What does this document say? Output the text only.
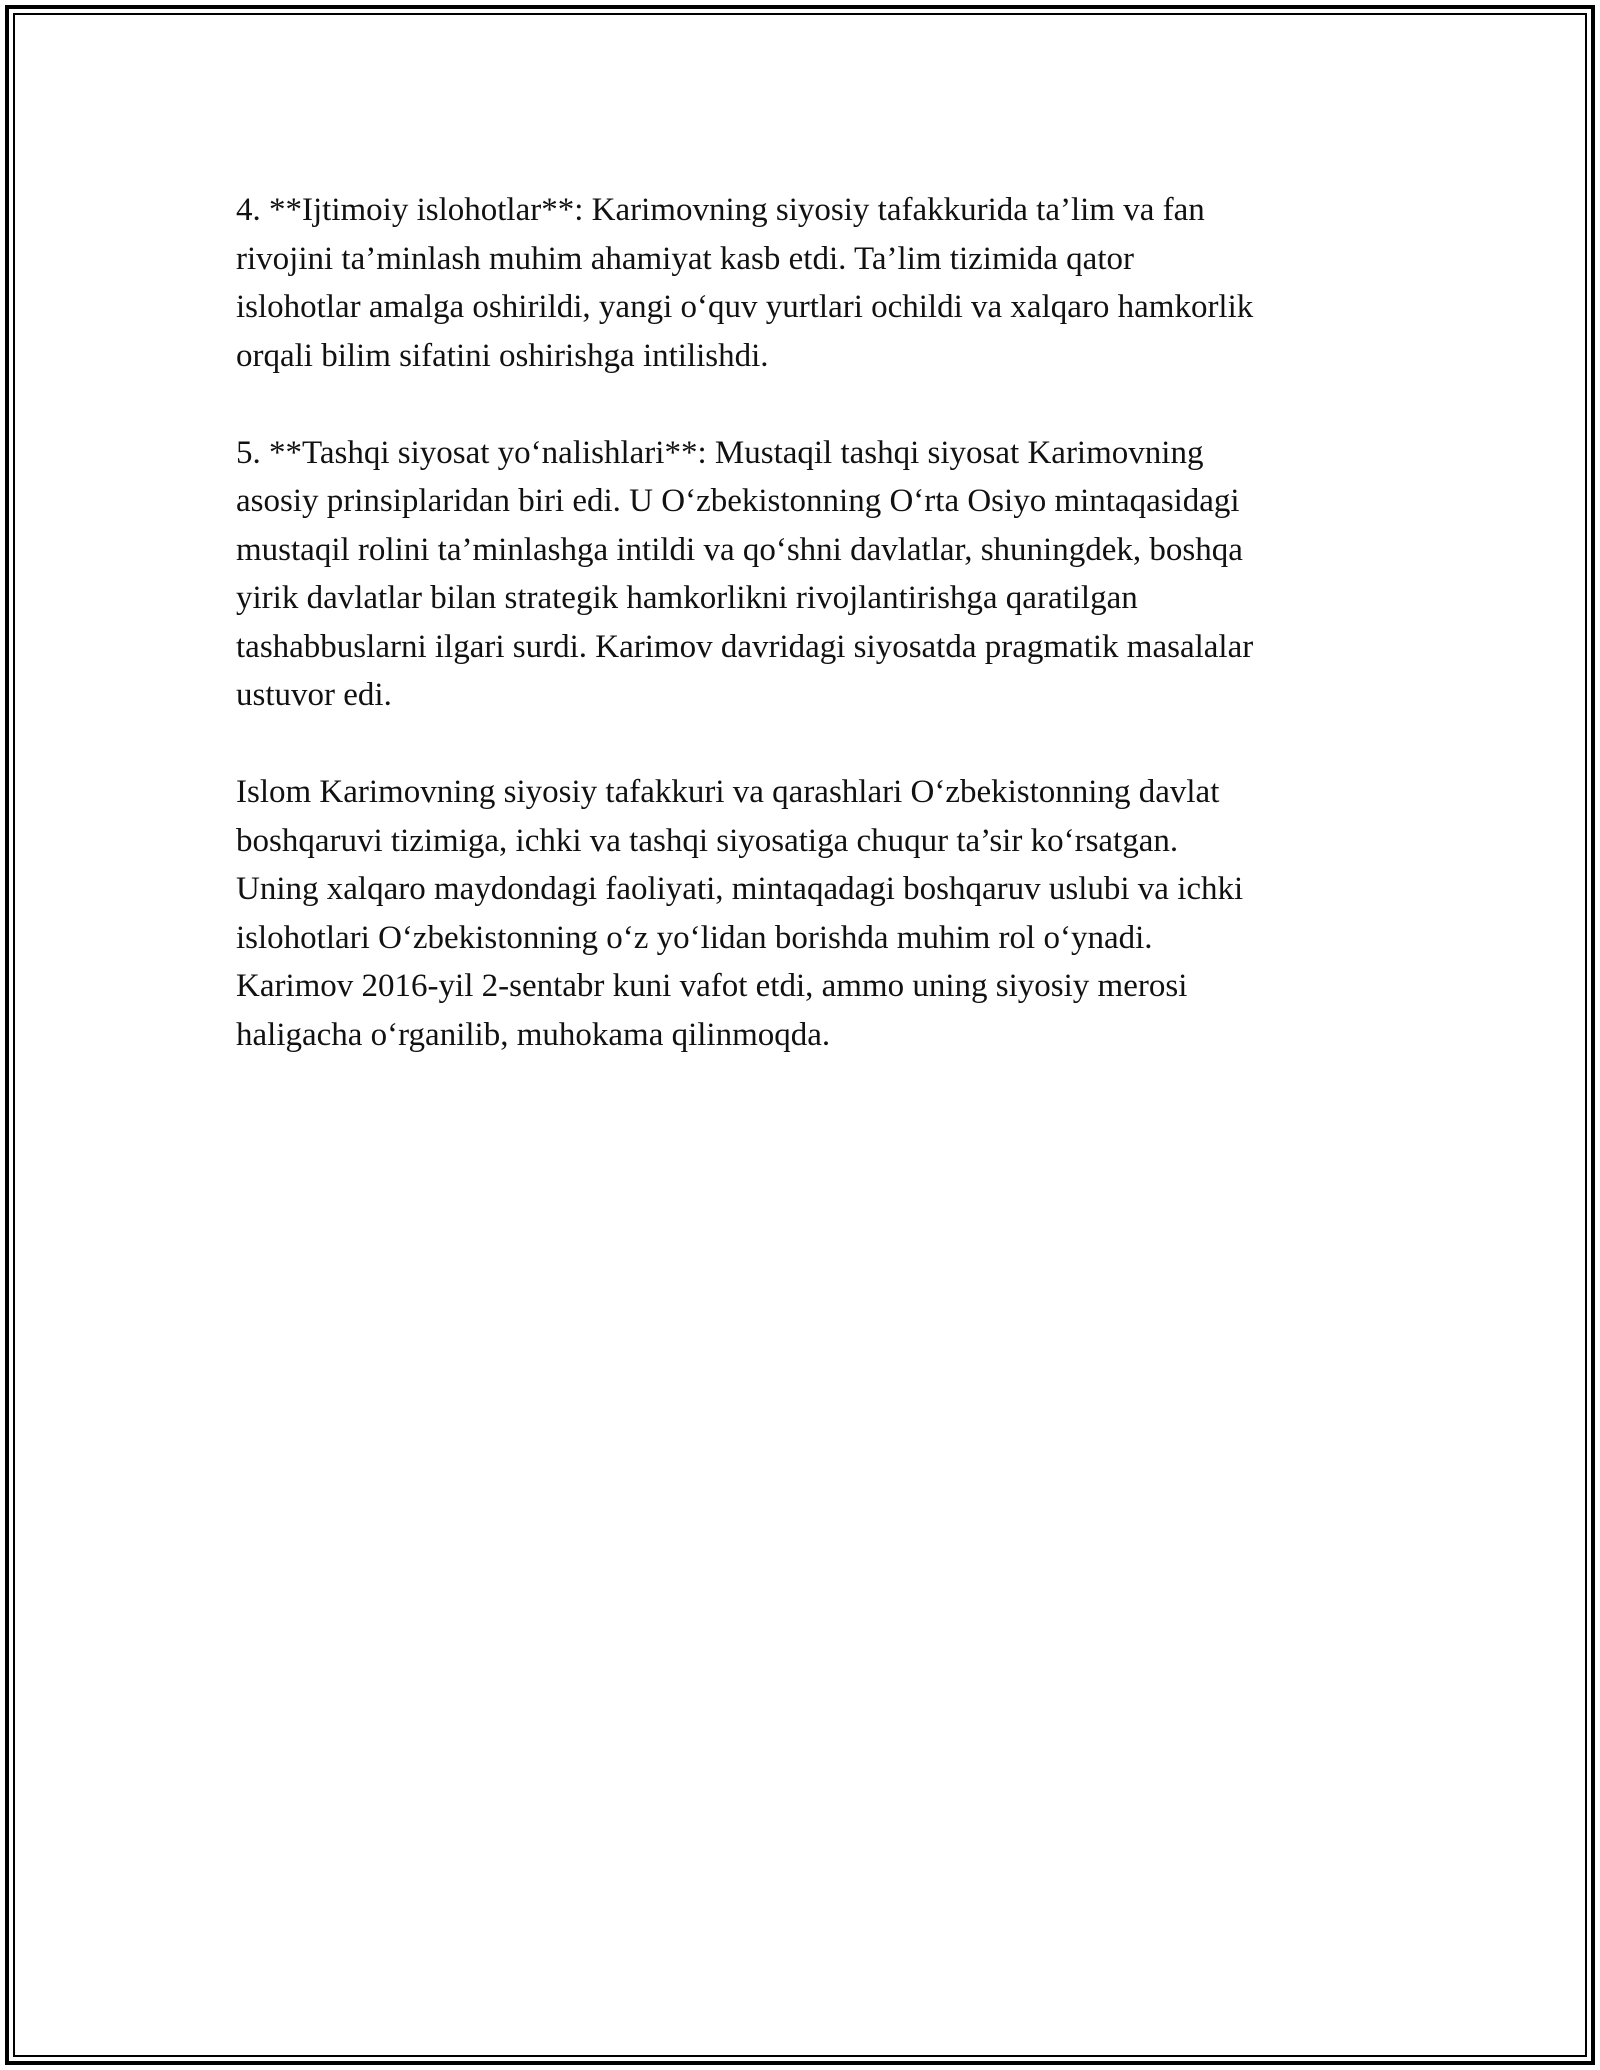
4. **Ijtimoiy islohotlar**: Karimovning siyosiy tafakkurida ta’lim va fan
rivojini ta’minlash muhim ahamiyat kasb etdi. Ta’lim tizimida qator
islohotlar amalga oshirildi, yangi o‘quv yurtlari ochildi va xalqaro hamkorlik
orqali bilim sifatini oshirishga intilishdi.

5. **Tashqi siyosat yo‘nalishlari**: Mustaqil tashqi siyosat Karimovning
asosiy prinsiplaridan biri edi. U O‘zbekistonning O‘rta Osiyo mintaqasidagi
mustaqil rolini ta’minlashga intildi va qo‘shni davlatlar, shuningdek, boshqa
yirik davlatlar bilan strategik hamkorlikni rivojlantirishga qaratilgan
tashabbuslarni ilgari surdi. Karimov davridagi siyosatda pragmatik masalalar
ustuvor edi.

Islom Karimovning siyosiy tafakkuri va qarashlari O‘zbekistonning davlat
boshqaruvi tizimiga, ichki va tashqi siyosatiga chuqur ta’sir ko‘rsatgan.
Uning xalqaro maydondagi faoliyati, mintaqadagi boshqaruv uslubi va ichki
islohotlari O‘zbekistonning o‘z yo‘lidan borishda muhim rol o‘ynadi.
Karimov 2016-yil 2-sentabr kuni vafot etdi, ammo uning siyosiy merosi
haligacha o‘rganilib, muhokama qilinmoqda.
